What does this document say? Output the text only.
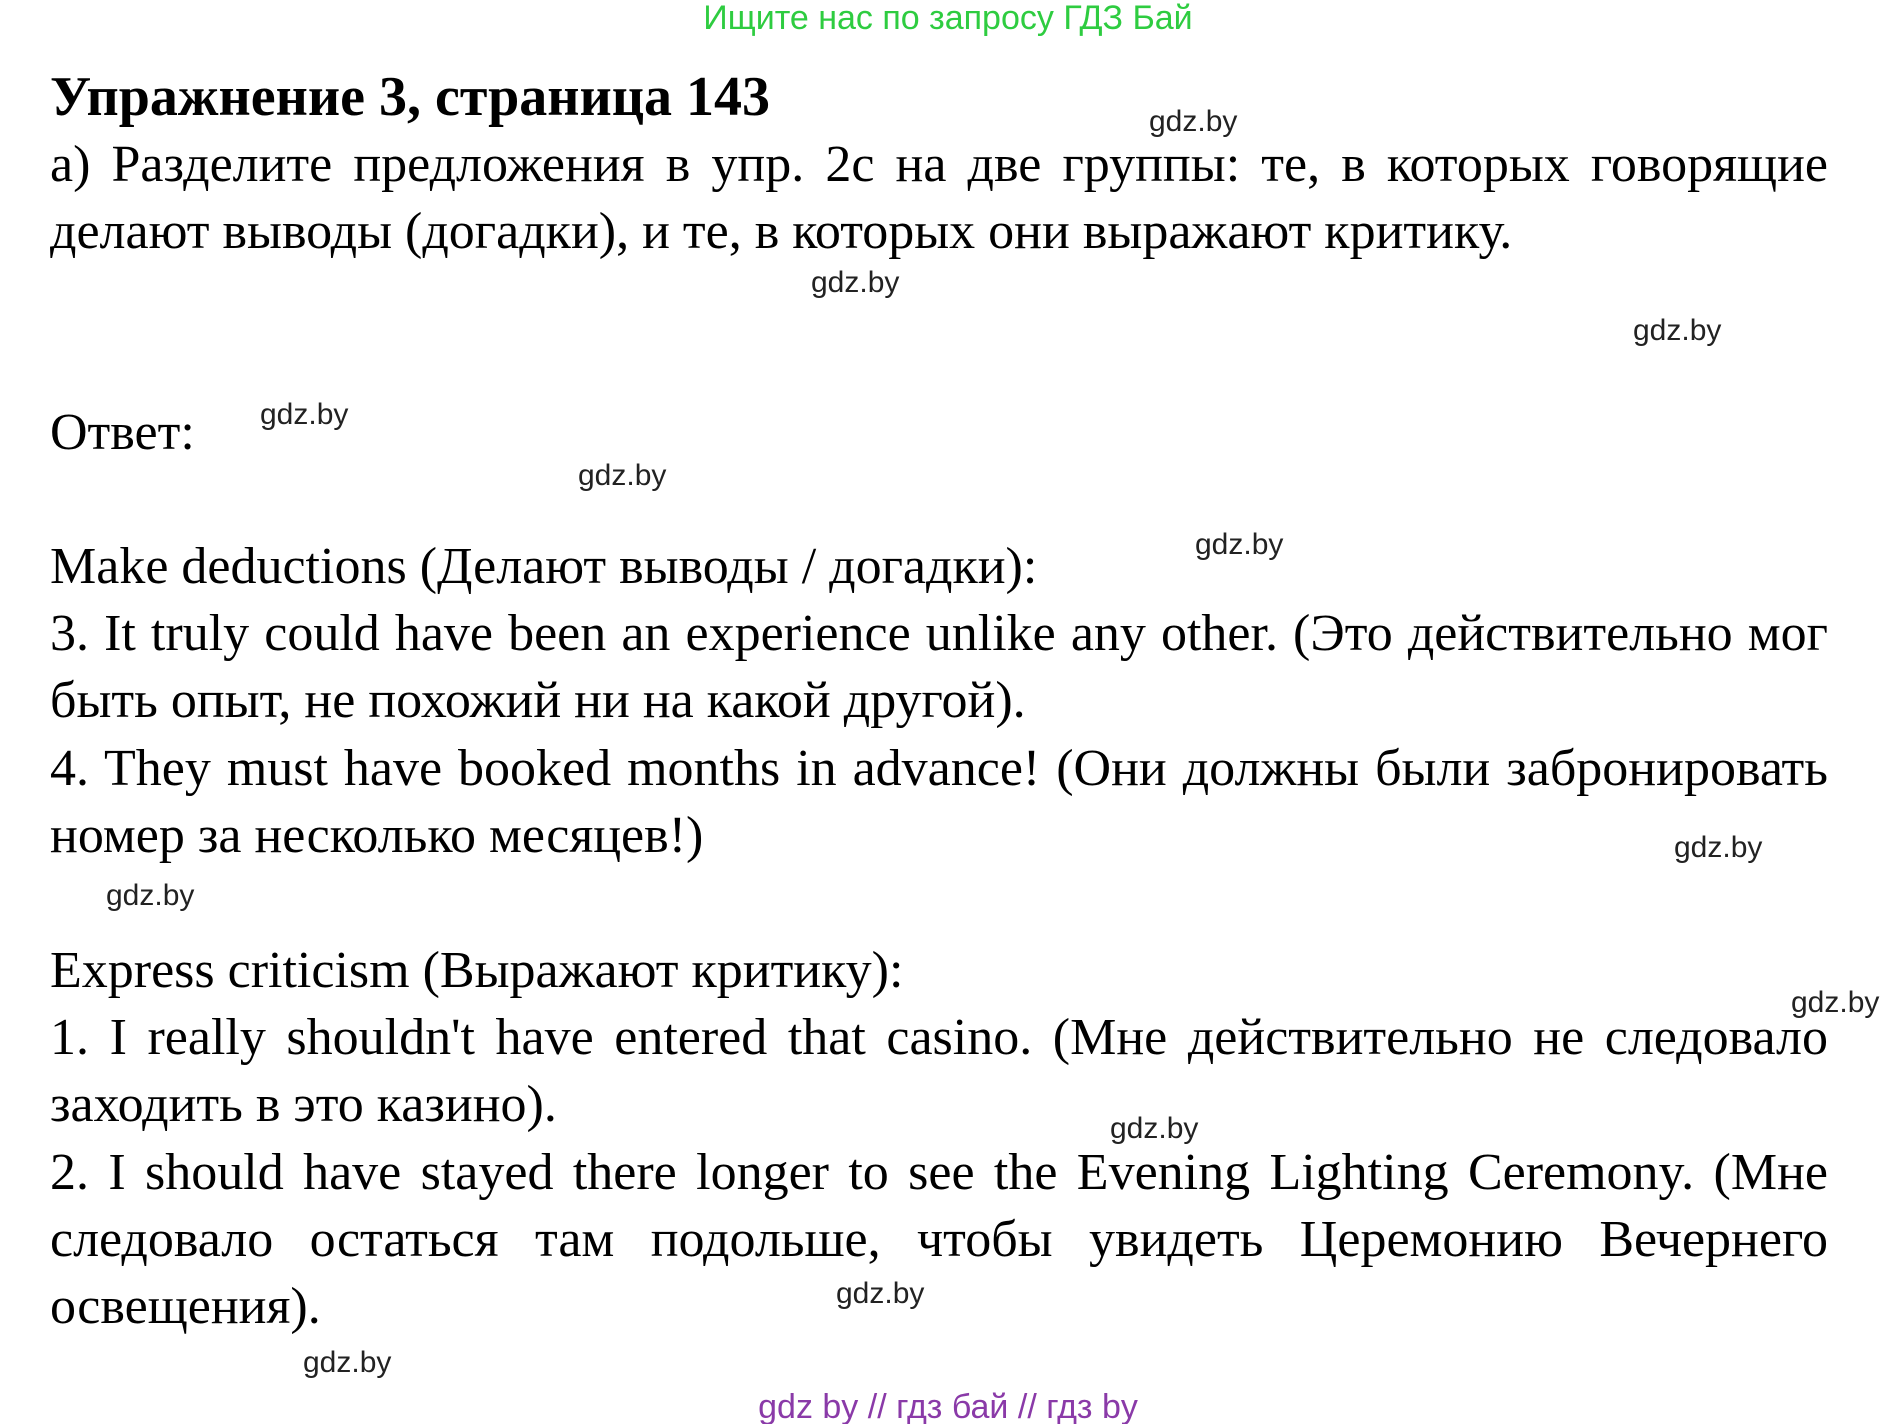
Ищите нас по запросу ГДЗ Бай
Упражнение 3, страница 143
а) Разделите предложения в упр. 2с на две группы: те, в которых говорящие делают выводы (догадки), и те, в которых они выражают критику.
Ответ:
Make deductions (Делают выводы / догадки):
3. It truly could have been an experience unlike any other. (Это действительно мог быть опыт, не похожий ни на какой другой).
4. They must have booked months in advance! (Они должны были забронировать номер за несколько месяцев!)
Express criticism (Выражают критику):
1. I really shouldn't have entered that casino. (Мне действительно не следовало заходить в это казино).
2. I should have stayed there longer to see the Evening Lighting Ceremony. (Мне следовало остаться там подольше, чтобы увидеть Церемонию Вечернего освещения).
gdz.by
gdz.by
gdz.by
gdz.by
gdz.by
gdz.by
gdz.by
gdz.by
gdz.by
gdz.by
gdz.by
gdz.by
gdz by // гдз бай // гдз by
